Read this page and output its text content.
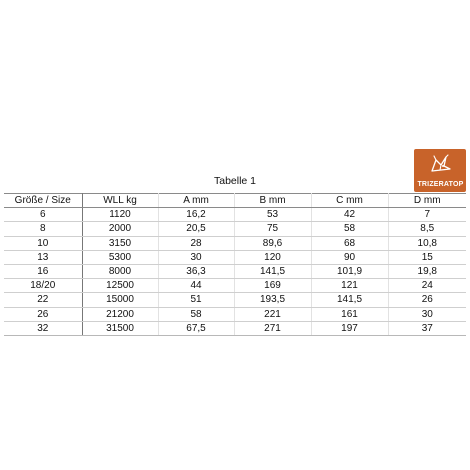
TRIZERATOP
Tabelle 1
Größe / Size	WLL kg	A mm	B mm	C mm	D mm
6	1120	16,2	53	42	7
8	2000	20,5	75	58	8,5
10	3150	28	89,6	68	10,8
13	5300	30	120	90	15
16	8000	36,3	141,5	101,9	19,8
18/20	12500	44	169	121	24
22	15000	51	193,5	141,5	26
26	21200	58	221	161	30
32	31500	67,5	271	197	37
